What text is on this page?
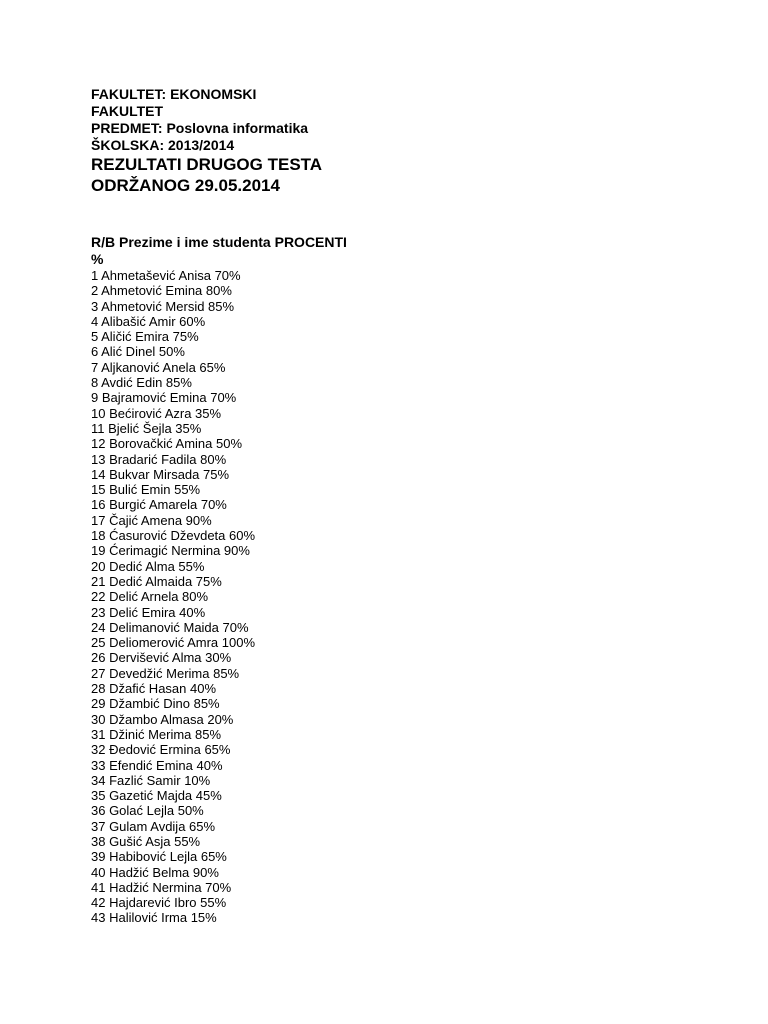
FAKULTET: EKONOMSKI
FAKULTET
PREDMET: Poslovna informatika
ŠKOLSKA: 2013/2014
REZULTATI DRUGOG TESTA
ODRŽANOG 29.05.2014
R/B Prezime i ime studenta PROCENTI %
1 Ahmetašević Anisa 70%
2 Ahmetović Emina 80%
3 Ahmetović Mersid 85%
4 Alibašić Amir 60%
5 Aličić Emira 75%
6 Alić Dinel 50%
7 Aljkanović Anela 65%
8 Avdić Edin 85%
9 Bajramović Emina 70%
10 Bećirović Azra 35%
11 Bjelić Šejla 35%
12 Borovačkić Amina 50%
13 Bradarić Fadila 80%
14 Bukvar Mirsada 75%
15 Bulić Emin 55%
16 Burgić Amarela 70%
17 Čajić Amena 90%
18 Ćasurović Dževdeta 60%
19 Ćerimagić Nermina 90%
20 Dedić Alma 55%
21 Dedić Almaida 75%
22 Delić Arnela 80%
23 Delić Emira 40%
24 Delimanović Maida 70%
25 Deliomerović Amra 100%
26 Dervišević Alma 30%
27 Devedžić Merima 85%
28 Džafić Hasan 40%
29 Džambić Dino 85%
30 Džambo Almasa 20%
31 Džinić Merima 85%
32 Đedović Ermina 65%
33 Efendić Emina 40%
34 Fazlić Samir 10%
35 Gazetić Majda 45%
36 Golać Lejla 50%
37 Gulam Avdija 65%
38 Gušić Asja 55%
39 Habibović Lejla 65%
40 Hadžić Belma 90%
41 Hadžić Nermina 70%
42 Hajdarević Ibro 55%
43 Halilović Irma 15%
